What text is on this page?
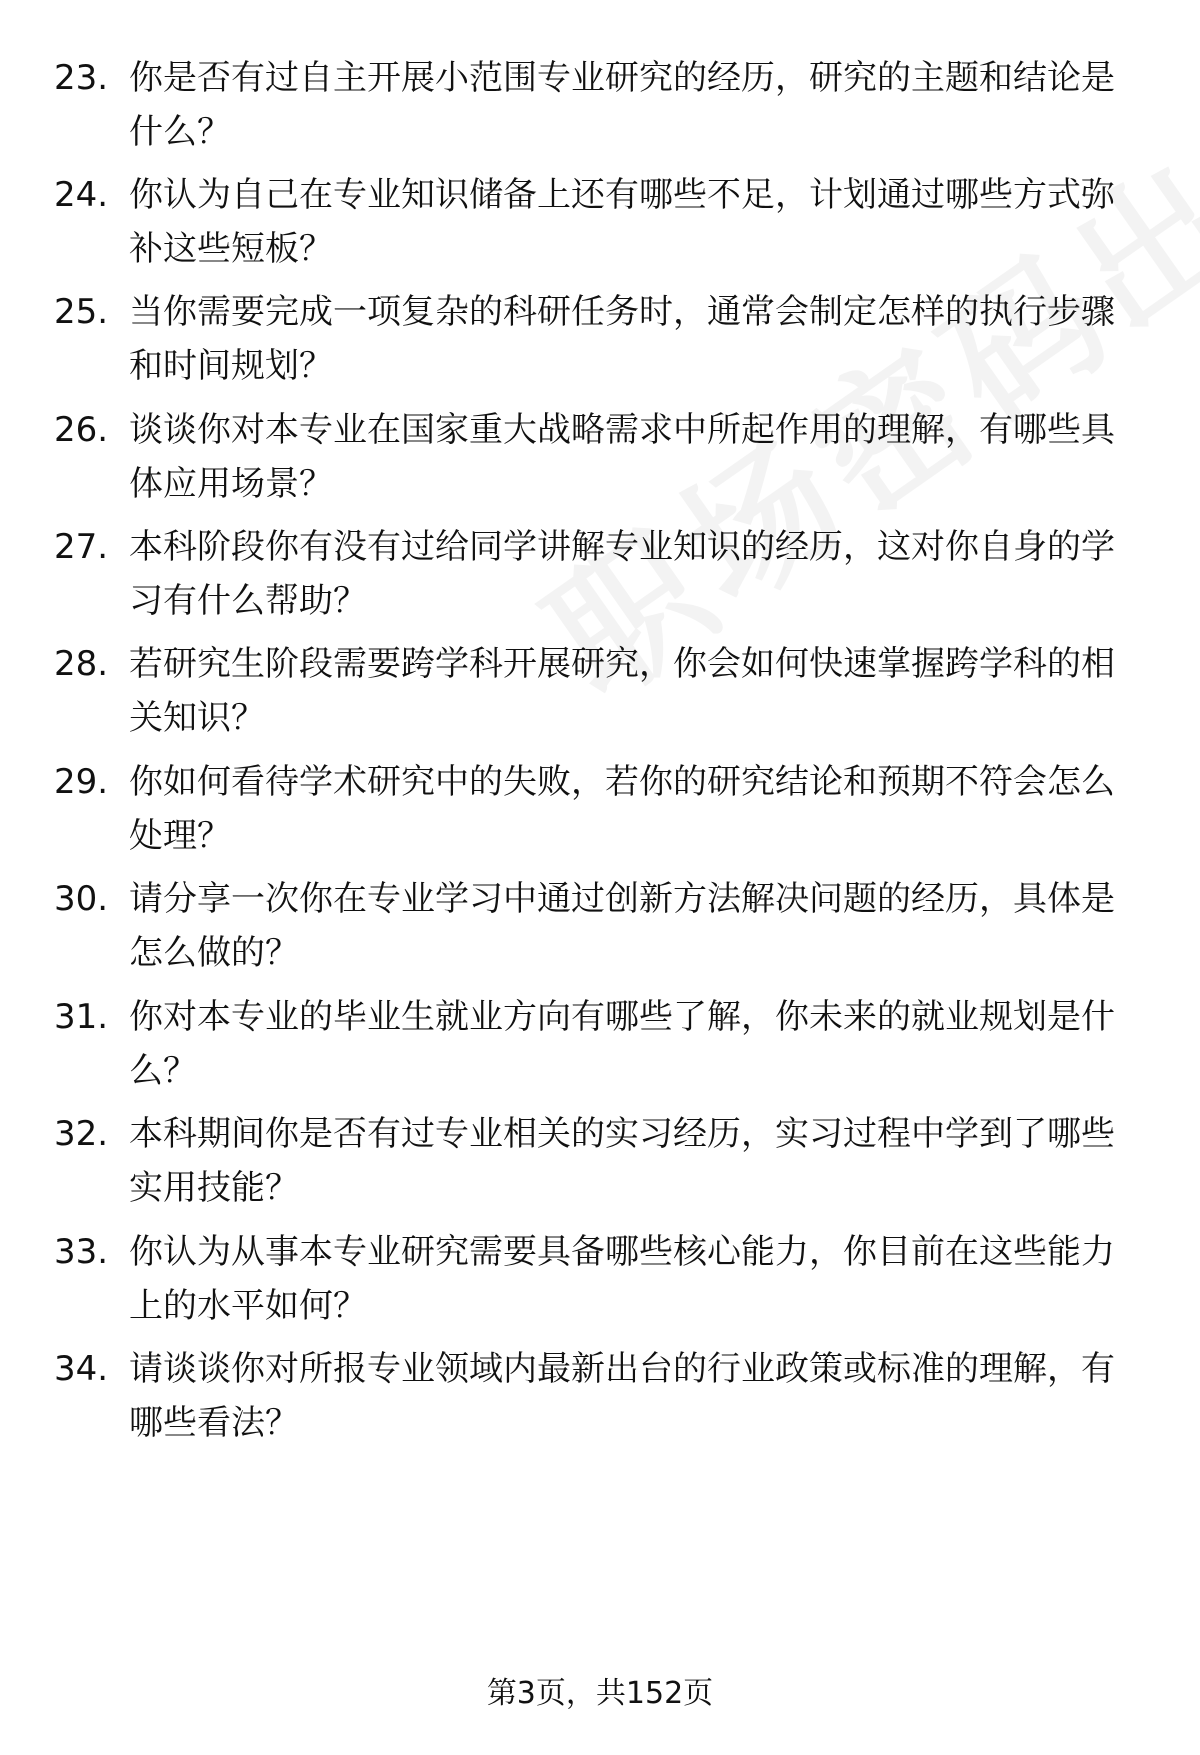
23. 你是否有过自主开展小范围专业研究的经历，研究的主题和结论是什么？
24. 你认为自己在专业知识储备上还有哪些不足，计划通过哪些方式弥补这些短板？
25. 当你需要完成一项复杂的科研任务时，通常会制定怎样的执行步骤和时间规划？
26. 谈谈你对本专业在国家重大战略需求中所起作用的理解，有哪些具体应用场景？
27. 本科阶段你有没有过给同学讲解专业知识的经历，这对你自身的学习有什么帮助？
28. 若研究生阶段需要跨学科开展研究，你会如何快速掌握跨学科的相关知识？
29. 你如何看待学术研究中的失败，若你的研究结论和预期不符会怎么处理？
30. 请分享一次你在专业学习中通过创新方法解决问题的经历，具体是怎么做的？
31. 你对本专业的毕业生就业方向有哪些了解，你未来的就业规划是什么？
32. 本科期间你是否有过专业相关的实习经历，实习过程中学到了哪些实用技能？
33. 你认为从事本专业研究需要具备哪些核心能力，你目前在这些能力上的水平如何？
34. 请谈谈你对所报专业领域内最新出台的行业政策或标准的理解，有哪些看法？
第3页，共152页
